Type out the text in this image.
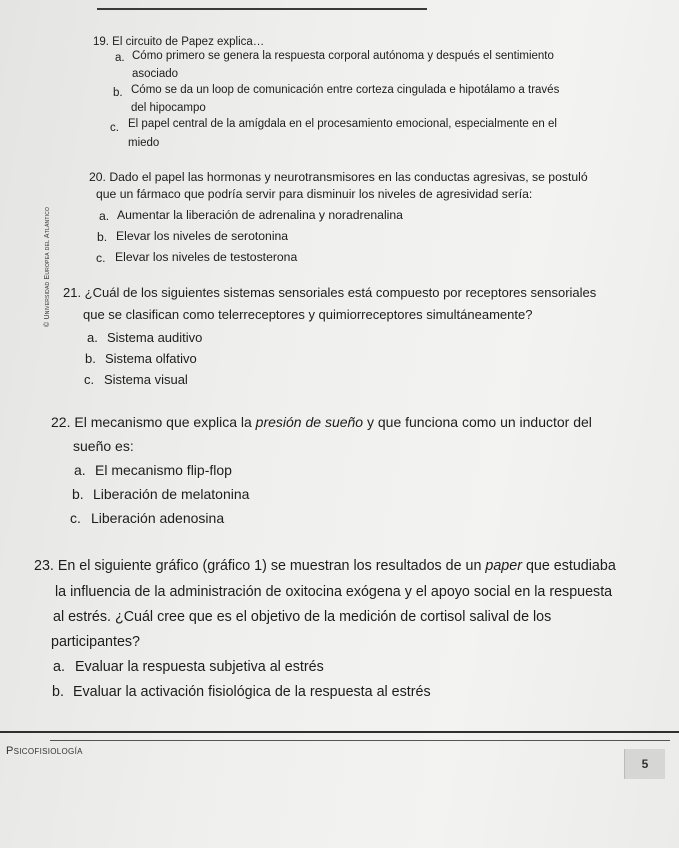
19. El circuito de Papez explica…
a. Cómo primero se genera la respuesta corporal autónoma y después el sentimiento
asociado
b. Cómo se da un loop de comunicación entre corteza cingulada e hipotálamo a través
del hipocampo
c. El papel central de la amígdala en el procesamiento emocional, especialmente en el
miedo
20. Dado el papel las hormonas y neurotransmisores en las conductas agresivas, se postuló
que un fármaco que podría servir para disminuir los niveles de agresividad sería:
a. Aumentar la liberación de adrenalina y noradrenalina
b. Elevar los niveles de serotonina
c. Elevar los niveles de testosterona
© Universidad Europea del Atlántico 21. ¿Cuál de los siguientes sistemas sensoriales está compuesto por receptores sensoriales
que se clasifican como telerreceptores y quimiorreceptores simultáneamente?
a. Sistema auditivo
b. Sistema olfativo
c. Sistema visual
22. El mecanismo que explica la presión de sueño y que funciona como un inductor del
sueño es:
a. El mecanismo flip-flop
b. Liberación de melatonina
c. Liberación adenosina
23. En el siguiente gráfico (gráfico 1) se muestran los resultados de un paper que estudiaba
la influencia de la administración de oxitocina exógena y el apoyo social en la respuesta
al estrés. ¿Cuál cree que es el objetivo de la medición de cortisol salival de los
participantes?
a. Evaluar la respuesta subjetiva al estrés
b. Evaluar la activación fisiológica de la respuesta al estrés
Psicofisiología
5
